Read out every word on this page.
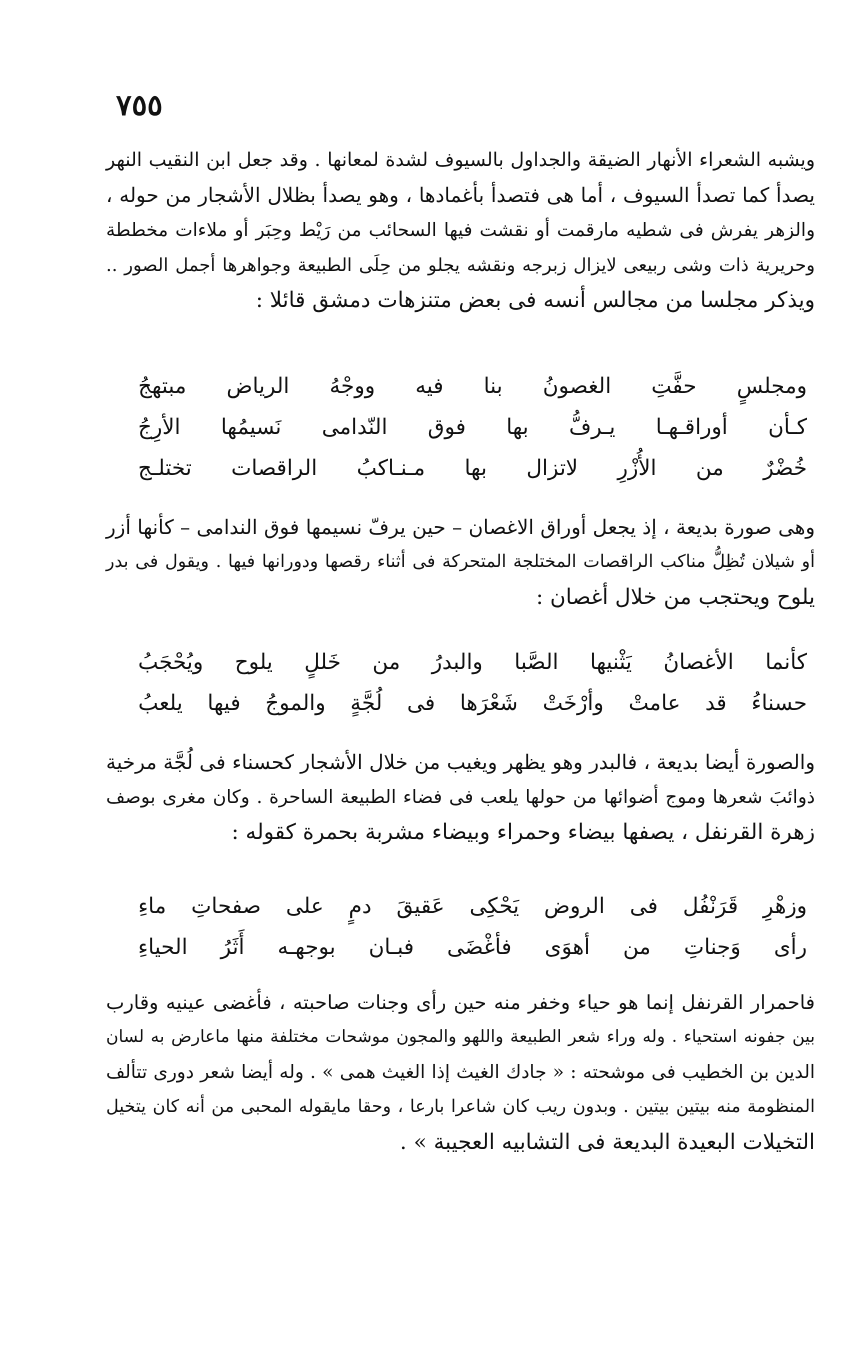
٧٥٥
ويشبه الشعراء الأنهار الضيقة والجداول بالسيوف لشدة لمعانها . وقد جعل ابن النقيب النهر
يصدأ كما تصدأ السيوف ، أما هى فتصدأ بأغمادها ، وهو يصدأ بظلال الأشجار من حوله ،
والزهر يفرش فى شطيه مارقمت أو نقشت فيها السحائب من رَيْط وحِبَر أو ملاءات مخططة
وحريرية ذات وشى ربيعى لايزال زبرجه ونقشه يجلو من حِلَى الطبيعة وجواهرها أجمل الصور ..
ويذكر مجلسا من مجالس أنسه فى بعض متنزهات دمشق قائلا :
ومجلسٍ
حفَّتِ
الغصونُ
بنا
فيه
ووجْهُ
الرياض
مبتهجُ
كـأن
أوراقـهـا
يـرفُّ
بها
فوق
النّدامى
نَسيمُها
الأرِجُ
خُضْرٌ
من
الأُزْرِ
لاتزال
بها
مـنـاكبُ
الراقصات
تختلـج
وهى صورة بديعة ، إذ يجعل أوراق الاغصان – حين يرفّ نسيمها فوق الندامى – كأنها أزر
أو شيلان تُظِلُّ مناكب الراقصات المختلجة المتحركة فى أثناء رقصها ودورانها فيها . ويقول فى بدر
يلوح ويحتجب من خلال أغصان :
كأنما
الأغصانُ
يَثْنيها
الصَّبا
والبدرُ
من
خَللٍ
يلوح
ويُحْجَبُ
حسناءُ
قد
عامتْ
وأرْخَتْ
شَعْرَها
فى
لُجَّةٍ
والموجُ
فيها
يلعبُ
والصورة أيضا بديعة ، فالبدر وهو يظهر ويغيب من خلال الأشجار كحسناء فى لُجَّة مرخية
ذوائبَ شعرها وموج أضوائها من حولها يلعب فى فضاء الطبيعة الساحرة . وكان مغرى بوصف
زهرة القرنفل ، يصفها بيضاء وحمراء وبيضاء مشربة بحمرة كقوله :
وزهْرِ
قَرَنْفُل
فى
الروض
يَحْكِى
عَقيقَ
دمٍ
على
صفحاتِ
ماءِ
رأى
وَجناتِ
من
أهوَى
فأغْضَى
فبـان
بوجهـه
أَثَرُ
الحياءِ
فاحمرار القرنفل إنما هو حياء وخفر منه حين رأى وجنات صاحبته ، فأغضى عينيه وقارب
بين جفونه استحياء . وله وراء شعر الطبيعة واللهو والمجون موشحات مختلفة منها ماعارض به لسان
الدين بن الخطيب فى موشحته : « جادك الغيث إذا الغيث همى » . وله أيضا شعر دورى تتألف
المنظومة منه بيتين بيتين . وبدون ريب كان شاعرا بارعا ، وحقا مايقوله المحبى من أنه كان يتخيل
التخيلات البعيدة البديعة فى التشابيه العجيبة » .
